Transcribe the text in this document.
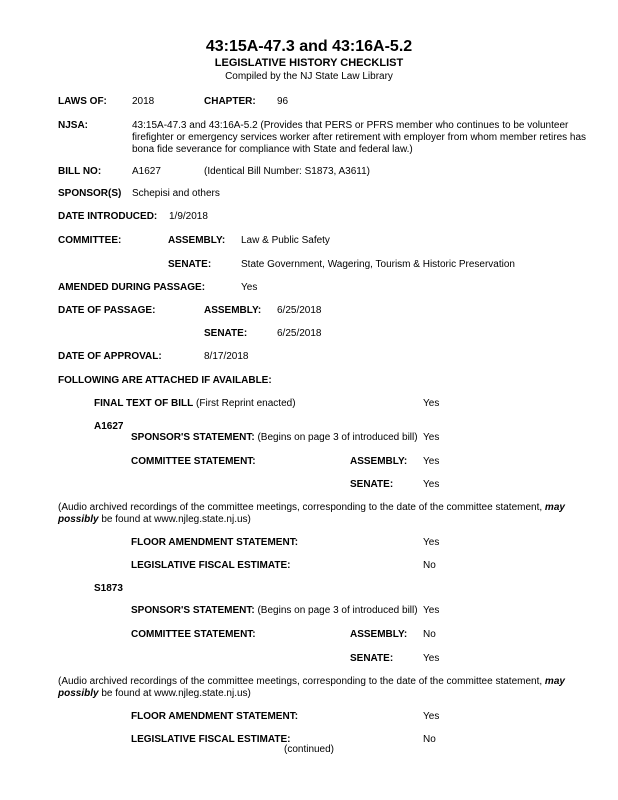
43:15A-47.3 and 43:16A-5.2
LEGISLATIVE HISTORY CHECKLIST
Compiled by the NJ State Law Library
LAWS OF:	2018	CHAPTER: 96
NJSA:	43:15A-47.3 and 43:16A-5.2 (Provides that PERS or PFRS member who continues to be volunteer firefighter or emergency services worker after retirement with employer from whom member retires has bona fide severance for compliance with State and federal law.)
BILL NO:	A1627	(Identical Bill Number: S1873, A3611)
SPONSOR(S) Schepisi and others
DATE INTRODUCED: 1/9/2018
COMMITTEE:	ASSEMBLY: Law & Public Safety
SENATE:	State Government, Wagering, Tourism & Historic Preservation
AMENDED DURING PASSAGE:	Yes
DATE OF PASSAGE:	ASSEMBLY: 6/25/2018
SENATE:	6/25/2018
DATE OF APPROVAL:	8/17/2018
FOLLOWING ARE ATTACHED IF AVAILABLE:
FINAL TEXT OF BILL (First Reprint enacted)	Yes
A1627
SPONSOR'S STATEMENT: (Begins on page 3 of introduced bill) Yes
COMMITTEE STATEMENT:	ASSEMBLY: Yes
SENATE:	Yes
(Audio archived recordings of the committee meetings, corresponding to the date of the committee statement, may possibly be found at www.njleg.state.nj.us)
FLOOR AMENDMENT STATEMENT:	Yes
LEGISLATIVE FISCAL ESTIMATE:	No
S1873
SPONSOR'S STATEMENT: (Begins on page 3 of introduced bill) Yes
COMMITTEE STATEMENT:	ASSEMBLY: No
SENATE:	Yes
(Audio archived recordings of the committee meetings, corresponding to the date of the committee statement, may possibly be found at www.njleg.state.nj.us)
FLOOR AMENDMENT STATEMENT:	Yes
LEGISLATIVE FISCAL ESTIMATE:	No
(continued)
